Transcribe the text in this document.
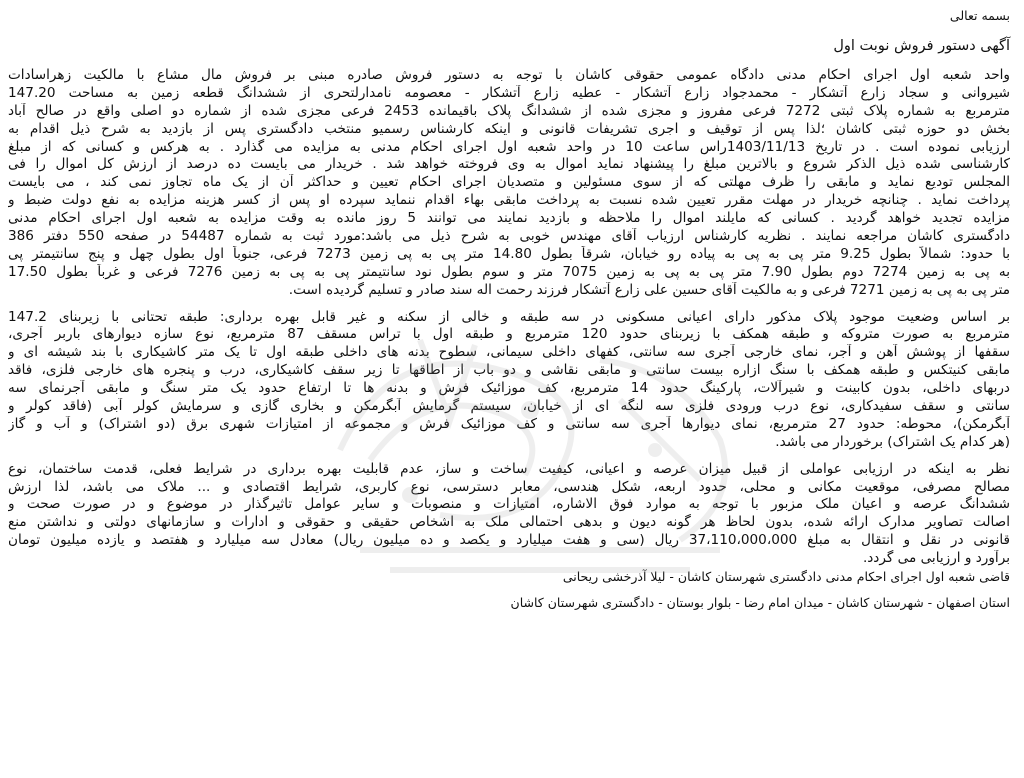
بسمه تعالی
آگهی دستور فروش نوبت اول
واحد شعبه اول اجرای احکام مدنی دادگاه عمومی حقوقی کاشان با توجه به دستور فروش صادره مبنی بر فروش مال مشاع با مالکیت زهراسادات
شیروانی و سجاد زارع آتشکار - محمدجواد زارع آتشکار - عطیه زارع آتشکار - معصومه نامدارلتحری از ششدانگ قطعه زمین به مساحت 147.20
مترمربع به شماره پلاک ثبتی 7272 فرعی مفروز و مجزی شده از ششدانگ پلاک باقیمانده 2453 فرعی مجزی شده از شماره دو اصلی واقع در صالح آباد
بخش دو حوزه ثبتی کاشان ؛لذا پس از توقیف و اجری تشریفات قانونی و اینکه کارشناس رسمیو منتخب دادگستری پس از بازدید به شرح ذیل اقدام به
ارزیابی نموده است . در تاریخ 1403/11/13راس ساعت 10 در واحد شعبه اول اجرای احکام مدنی به مزایده می گذارد . به هرکس و کسانی که از مبلغ
کارشناسی شده ذیل الذکر شروع و بالاترین مبلغ را پیشنهاد نماید اموال به وی فروخته خواهد شد . خریدار می بایست ده درصد از ارزش کل اموال را فی
المجلس تودیع نماید و مابقی را ظرف مهلتی که از سوی مسئولین و متصدیان اجرای احکام تعیین و حداکثر آن از یک ماه تجاوز نمی کند ، می بایست
پرداخت نماید . چنانچه خریدار در مهلت مقرر تعیین شده نسبت به پرداخت مابقی بهاء اقدام ننماید سپرده او پس از کسر هزینه مزایده به نفع دولت ضبط و
مزایده تجدید خواهد گردید . کسانی که مایلند اموال را ملاحظه و بازدید نمایند می توانند 5 روز مانده به وقت مزایده به شعبه اول اجرای احکام مدنی
دادگستری کاشان مراجعه نمایند . نظریه کارشناس ارزیاب آقای مهندس خوبی به شرح ذیل می باشد:مورد ثبت به شماره 54487 در صفحه 550 دفتر 386
با حدود: شمالاً بطول 9.25 متر پی به پی به پیاده رو خیابان، شرقاً بطول 14.80 متر پی به پی زمین 7273 فرعی، جنوباً اول بطول چهل و پنج سانتیمتر پی
به پی به زمین 7274 دوم بطول 7.90 متر پی به پی به زمین 7075 متر و سوم بطول نود سانتیمتر پی به پی به زمین 7276 فرعی و غرباً بطول 17.50
متر پی به پی به زمین 7271 فرعی و به مالکیت آقای حسین علی زارع آتشکار فرزند رحمت اله سند صادر و تسلیم گردیده است.
بر اساس وضعیت موجود پلاک مذکور دارای اعیانی مسکونی در سه طبقه و خالی از سکنه و غیر قابل بهره برداری: طبقه تحتانی با زیربنای 147.2
مترمربع به صورت متروکه و طبقه همکف با زیربنای حدود 120 مترمربع و طبقه اول با تراس مسقف 87 مترمربع، نوع سازه دیوارهای باربر آجری،
سقفها از پوشش آهن و آجر، نمای خارجی آجری سه سانتی، کفهای داخلی سیمانی، سطوح بدنه های داخلی طبقه اول تا یک متر کاشیکاری با بند شیشه ای و
مابقی کنیتکس و طبقه همکف با سنگ ازاره بیست سانتی و مابقی نقاشی و دو باب از اطاقها تا زیر سقف کاشیکاری، درب و پنجره های خارجی فلزی، فاقد
دربهای داخلی، بدون کابینت و شیرآلات، پارکینگ حدود 14 مترمربع، کف موزائیک فرش و بدنه ها تا ارتفاع حدود یک متر سنگ و مابقی آجرنمای سه
سانتی و سقف سفیدکاری، نوع درب ورودی فلزی سه لنگه ای از خیابان، سیستم گرمایش آبگرمکن و بخاری گازی و سرمایش کولر آبی (فاقد کولر و
آبگرمکن)، محوطه: حدود 27 مترمربع، نمای دیوارها آجری سه سانتی و کف موزائیک فرش و مجموعه از امتیازات شهری برق (دو اشتراک) و آب و گاز
(هر کدام یک اشتراک) برخوردار می باشد.
نظر به اینکه در ارزیابی عواملی از قبیل میزان عرصه و اعیانی، کیفیت ساخت و ساز، عدم قابلیت بهره برداری در شرایط فعلی، قدمت ساختمان، نوع
مصالح مصرفی، موقعیت مکانی و محلی، حدود اربعه، شکل هندسی، معابر دسترسی، نوع کاربری، شرایط اقتصادی و ... ملاک می باشد، لذا ارزش
ششدانگ عرصه و اعیان ملک مزبور با توجه به موارد فوق الاشاره، امتیازات و منصوبات و سایر عوامل تاثیرگذار در موضوع و در صورت صحت و
اصالت تصاویر مدارک ارائه شده، بدون لحاظ هر گونه دیون و بدهی احتمالی ملک به اشخاص حقیقی و حقوقی و ادارات و سازمانهای دولتی و نداشتن منع
قانونی در نقل و انتقال به مبلغ 37،110،000،000 ریال (سی و هفت میلیارد و یکصد و ده میلیون ریال) معادل سه میلیارد و هفتصد و یازده میلیون تومان
برآورد و ارزیابی می گردد.
قاضی شعبه اول اجرای احکام مدنی دادگستری شهرستان کاشان - لیلا آذرخشی ریحانی
استان اصفهان - شهرستان کاشان - میدان امام رضا - بلوار بوستان - دادگستری شهرستان کاشان
